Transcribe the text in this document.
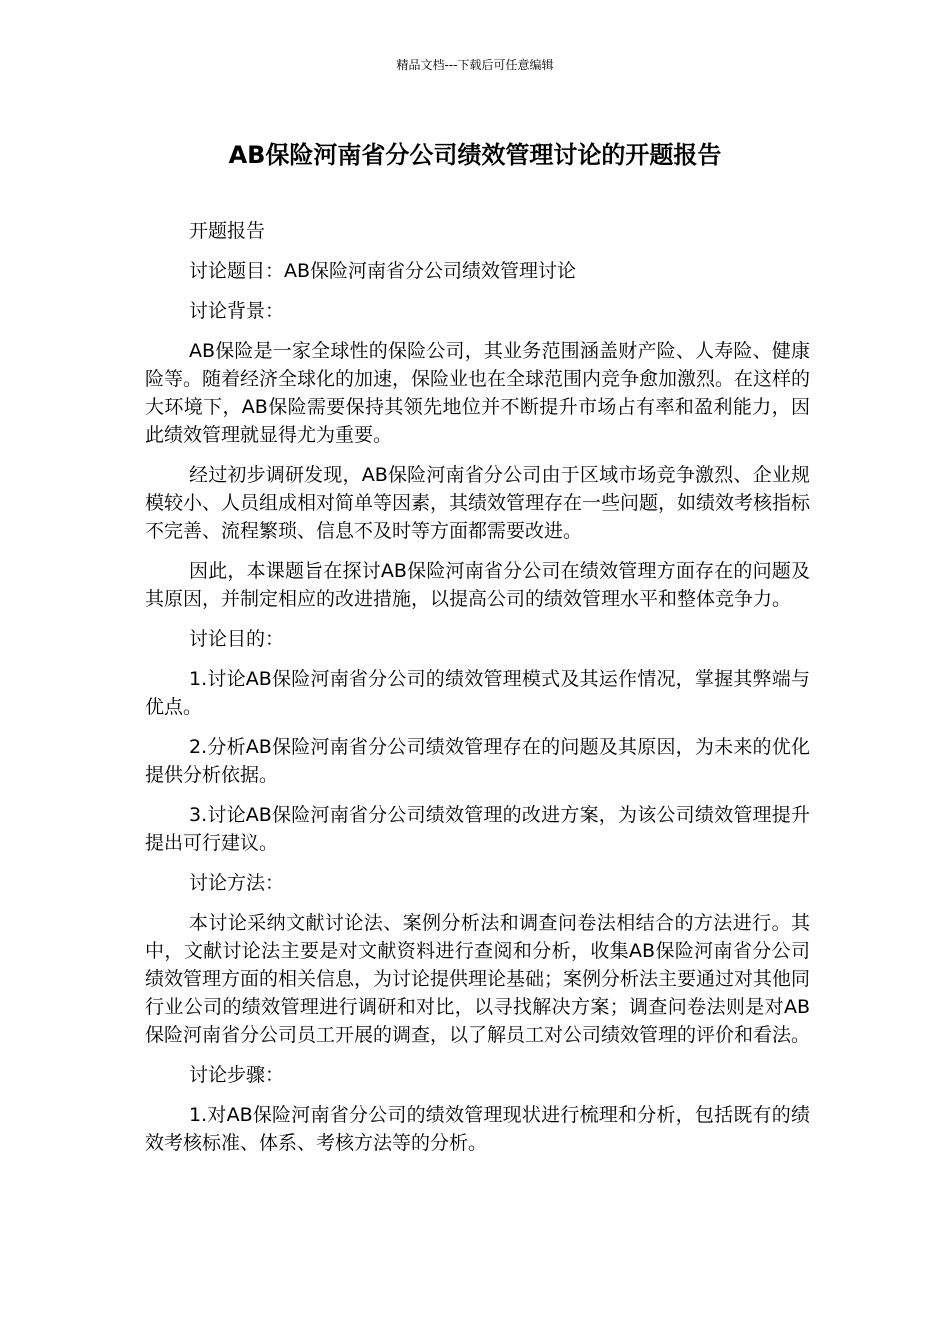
精品文档---下载后可任意编辑
AB保险河南省分公司绩效管理讨论的开题报告

开题报告

讨论题目：AB保险河南省分公司绩效管理讨论

讨论背景：

AB保险是一家全球性的保险公司，其业务范围涵盖财产险、人寿险、健康险等。随着经济全球化的加速，保险业也在全球范围内竞争愈加激烈。在这样的大环境下，AB保险需要保持其领先地位并不断提升市场占有率和盈利能力，因此绩效管理就显得尤为重要。

经过初步调研发现，AB保险河南省分公司由于区域市场竞争激烈、企业规模较小、人员组成相对简单等因素，其绩效管理存在一些问题，如绩效考核指标不完善、流程繁琐、信息不及时等方面都需要改进。

因此，本课题旨在探讨AB保险河南省分公司在绩效管理方面存在的问题及其原因，并制定相应的改进措施，以提高公司的绩效管理水平和整体竞争力。

讨论目的：

1.讨论AB保险河南省分公司的绩效管理模式及其运作情况，掌握其弊端与优点。

2.分析AB保险河南省分公司绩效管理存在的问题及其原因，为未来的优化提供分析依据。

3.讨论AB保险河南省分公司绩效管理的改进方案，为该公司绩效管理提升提出可行建议。

讨论方法：

本讨论采纳文献讨论法、案例分析法和调查问卷法相结合的方法进行。其中，文献讨论法主要是对文献资料进行查阅和分析，收集AB保险河南省分公司绩效管理方面的相关信息，为讨论提供理论基础；案例分析法主要通过对其他同行业公司的绩效管理进行调研和对比，以寻找解决方案；调查问卷法则是对AB保险河南省分公司员工开展的调查，以了解员工对公司绩效管理的评价和看法。

讨论步骤：

1.对AB保险河南省分公司的绩效管理现状进行梳理和分析，包括既有的绩效考核标准、体系、考核方法等的分析。
